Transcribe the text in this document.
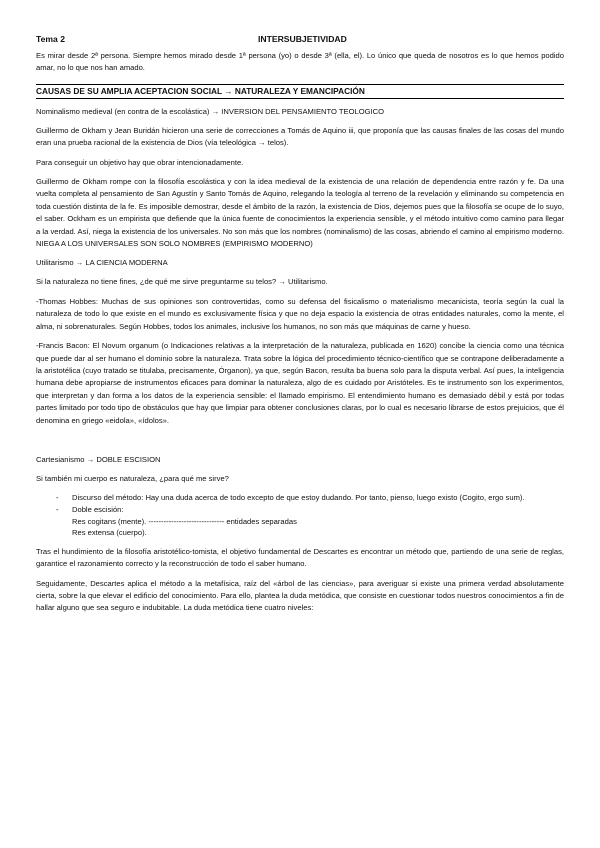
Tema 2	INTERSUBJETIVIDAD

Es mirar desde 2ª persona. Siempre hemos mirado desde 1ª persona (yo) o desde 3ª (ella, el). Lo único que queda de nosotros es lo que hemos podido amar, no lo que nos han amado.

CAUSAS DE SU AMPLIA ACEPTACION SOCIAL → NATURALEZA Y EMANCIPACIÓN

Nominalismo medieval (en contra de la escolástica) → INVERSION DEL PENSAMIENTO TEOLOGICO

Guillermo de Okham y Jean Buridán hicieron una serie de correcciones a Tomás de Aquino iii, que proponía que las causas finales de las cosas del mundo eran una prueba racional de la existencia de Dios (vía teleológica → telos).

Para conseguir un objetivo hay que obrar intencionadamente.

Guillermo de Okham rompe con la filosofía escolástica y con la idea medieval de la existencia de una relación de dependencia entre razón y fe. Da una vuelta completa al pensamiento de San Agustín y Santo Tomás de Aquino, relegando la teología al terreno de la revelación y eliminando su competencia en toda cuestión distinta de la fe. Es imposible demostrar, desde el ámbito de la razón, la existencia de Dios, dejemos pues que la filosofía se ocupe de lo suyo, el saber. Ockham es un empirista que defiende que la única fuente de conocimientos la experiencia sensible, y el método intuitivo como camino para llegar a la verdad. Así, niega la existencia de los universales. No son más que los nombres (nominalismo) de las cosas, abriendo el camino al empirismo moderno. NIEGA A LOS UNIVERSALES SON SOLO NOMBRES (EMPIRISMO MODERNO)

Utilitarismo → LA CIENCIA MODERNA

Si la naturaleza no tiene fines, ¿de qué me sirve preguntarme su telos? → Utilitarismo.

-Thomas Hobbes: Muchas de sus opiniones son controvertidas, como su defensa del fisicalismo o materialismo mecanicista, teoría según la cual la naturaleza de todo lo que existe en el mundo es exclusivamente física y que no deja espacio la existencia de otras entidades naturales, como la mente, el alma, ni sobrenaturales. Según Hobbes, todos los animales, inclusive los humanos, no son más que máquinas de carne y hueso.

-Francis Bacon: El Novum organum (o Indicaciones relativas a la interpretación de la naturaleza, publicada en 1620) concibe la ciencia como una técnica que puede dar al ser humano el dominio sobre la naturaleza. Trata sobre la lógica del procedimiento técnico-científico que se contrapone deliberadamente a la aristotélica (cuyo tratado se titulaba, precisamente, Órganon), ya que, según Bacon, resulta ba buena solo para la disputa verbal. Así pues, la inteligencia humana debe apropiarse de instrumentos eficaces para dominar la naturaleza, algo de es cuidado por Aristóteles. Es te instrumento son los experimentos, que interpretan y dan forma a los datos de la experiencia sensible: el llamado empirismo. El entendimiento humano es demasiado débil y está por todas partes limitado por todo tipo de obstáculos que hay que limpiar para obtener conclusiones claras, por lo cual es necesario librarse de estos prejuicios, que él denomina en griego «eidola», «ídolos».

Cartesianismo → DOBLE ESCISION

Si también mi cuerpo es naturaleza, ¿para qué me sirve?

- Discurso del método: Hay una duda acerca de todo excepto de que estoy dudando. Por tanto, pienso, luego existo (Cogito, ergo sum).
- Doble escisión:
Res cogitans (mente). ------------------------------ entidades separadas
Res extensa (cuerpo).

Tras el hundimiento de la filosofía aristotélico-tomista, el objetivo fundamental de Descartes es encontrar un método que, partiendo de una serie de reglas, garantice el razonamiento correcto y la reconstrucción de todo el saber humano.

Seguidamente, Descartes aplica el método a la metafísica, raíz del «árbol de las ciencias», para averiguar si existe una primera verdad absolutamente cierta, sobre la que elevar el edificio del conocimiento. Para ello, plantea la duda metódica, que consiste en cuestionar todos nuestros conocimientos a fin de hallar alguno que sea seguro e indubitable. La duda metódica tiene cuatro niveles:
